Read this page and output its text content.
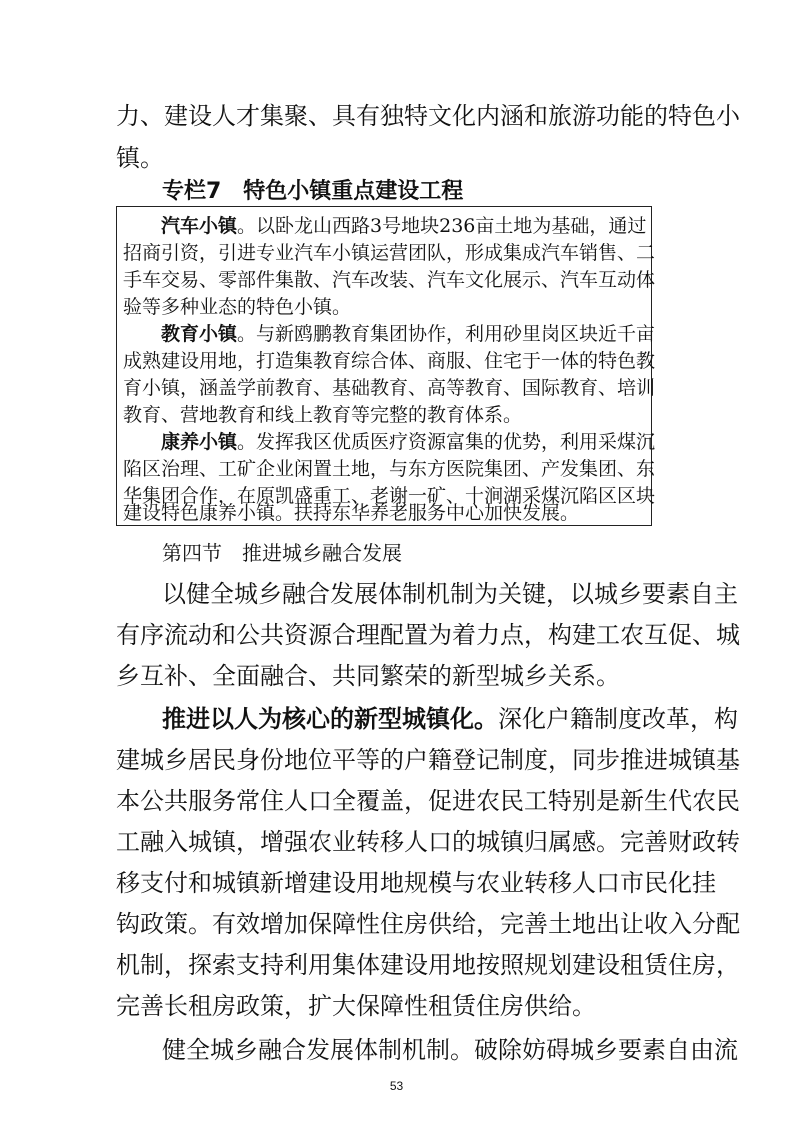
力、建设人才集聚、具有独特文化内涵和旅游功能的特色小
镇。
专栏7　特色小镇重点建设工程
汽车小镇。以卧龙山西路3号地块236亩土地为基础，通过
招商引资，引进专业汽车小镇运营团队，形成集成汽车销售、二
手车交易、零部件集散、汽车改装、汽车文化展示、汽车互动体
验等多种业态的特色小镇。
教育小镇。与新鸥鹏教育集团协作，利用砂里岗区块近千亩
成熟建设用地，打造集教育综合体、商服、住宅于一体的特色教
育小镇，涵盖学前教育、基础教育、高等教育、国际教育、培训
教育、营地教育和线上教育等完整的教育体系。
康养小镇。发挥我区优质医疗资源富集的优势，利用采煤沉
陷区治理、工矿企业闲置土地，与东方医院集团、产发集团、东
华集团合作，在原凯盛重工、老谢一矿、十涧湖采煤沉陷区区块
建设特色康养小镇。扶持东华养老服务中心加快发展。
第四节　推进城乡融合发展
以健全城乡融合发展体制机制为关键，以城乡要素自主
有序流动和公共资源合理配置为着力点，构建工农互促、城
乡互补、全面融合、共同繁荣的新型城乡关系。
推进以人为核心的新型城镇化。深化户籍制度改革，构
建城乡居民身份地位平等的户籍登记制度，同步推进城镇基
本公共服务常住人口全覆盖，促进农民工特别是新生代农民
工融入城镇，增强农业转移人口的城镇归属感。完善财政转
移支付和城镇新增建设用地规模与农业转移人口市民化挂
钩政策。有效增加保障性住房供给，完善土地出让收入分配
机制，探索支持利用集体建设用地按照规划建设租赁住房，
完善长租房政策，扩大保障性租赁住房供给。
健全城乡融合发展体制机制。破除妨碍城乡要素自由流
53
